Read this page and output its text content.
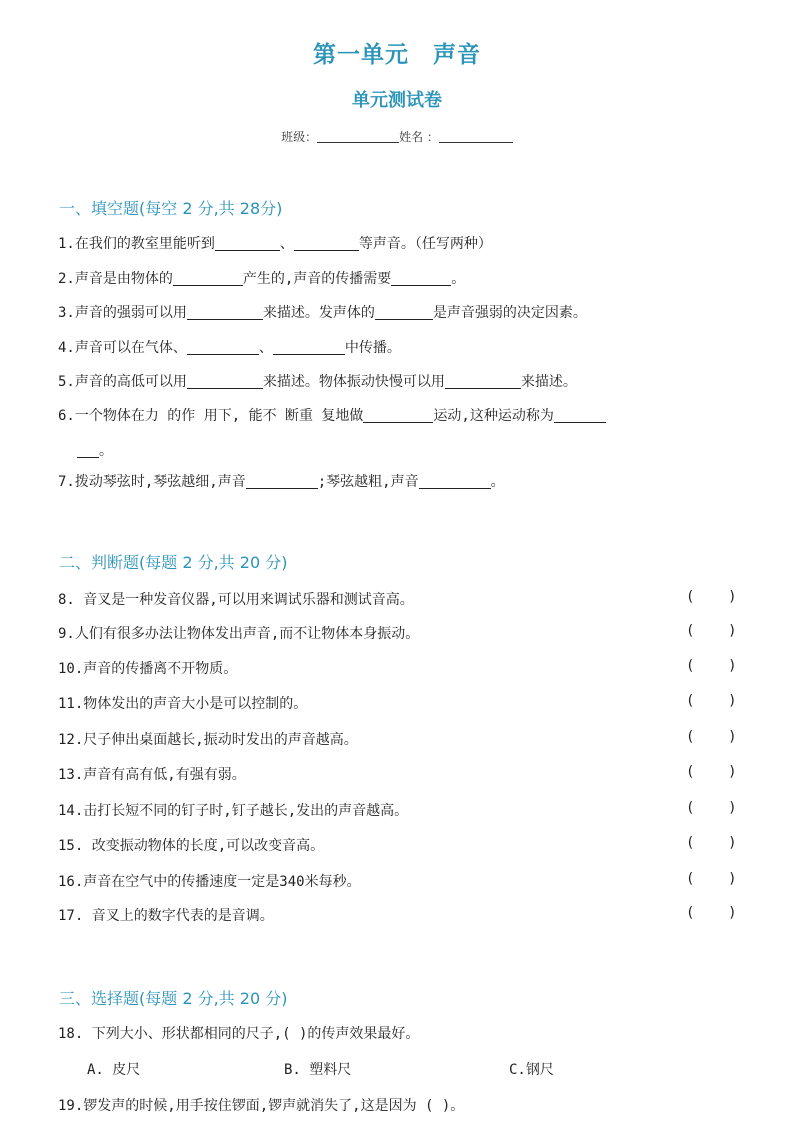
第一单元　声音
单元测试卷
班级：	姓名 ：
一、填空题(每空 2 分,共 28分)
1.在我们的教室里能听到	、	等声音。（任写两种）
2.声音是由物体的	产生的,声音的传播需要	。
3.声音的强弱可以用	来描述。发声体的	是声音强弱的决定因素。
4.声音可以在气体、	、	中传播。
5.声音的高低可以用	来描述。物体振动快慢可以用	来描述。
6.一个物体在力 的作 用下, 能不 断重 复地做	运动,这种运动称为
。
7.拨动琴弦时,琴弦越细,声音	;琴弦越粗,声音	。
二、判断题(每题 2 分,共 20 分)
8. 音叉是一种发音仪器,可以用来调试乐器和测试音高。	(    )
9.人们有很多办法让物体发出声音,而不让物体本身振动。	(    )
10.声音的传播离不开物质。	(    )
11.物体发出的声音大小是可以控制的。	(    )
12.尺子伸出桌面越长,振动时发出的声音越高。	(    )
13.声音有高有低,有强有弱。	(    )
14.击打长短不同的钉子时,钉子越长,发出的声音越高。	(    )
15. 改变振动物体的长度,可以改变音高。	(    )
16.声音在空气中的传播速度一定是340米每秒。	(    )
17. 音叉上的数字代表的是音调。	(    )
三、选择题(每题 2 分,共 20 分)
18. 下列大小、形状都相同的尺子,( )的传声效果最好。
A. 皮尺	B. 塑料尺	C.钢尺
19.锣发声的时候,用手按住锣面,锣声就消失了,这是因为 ( )。
